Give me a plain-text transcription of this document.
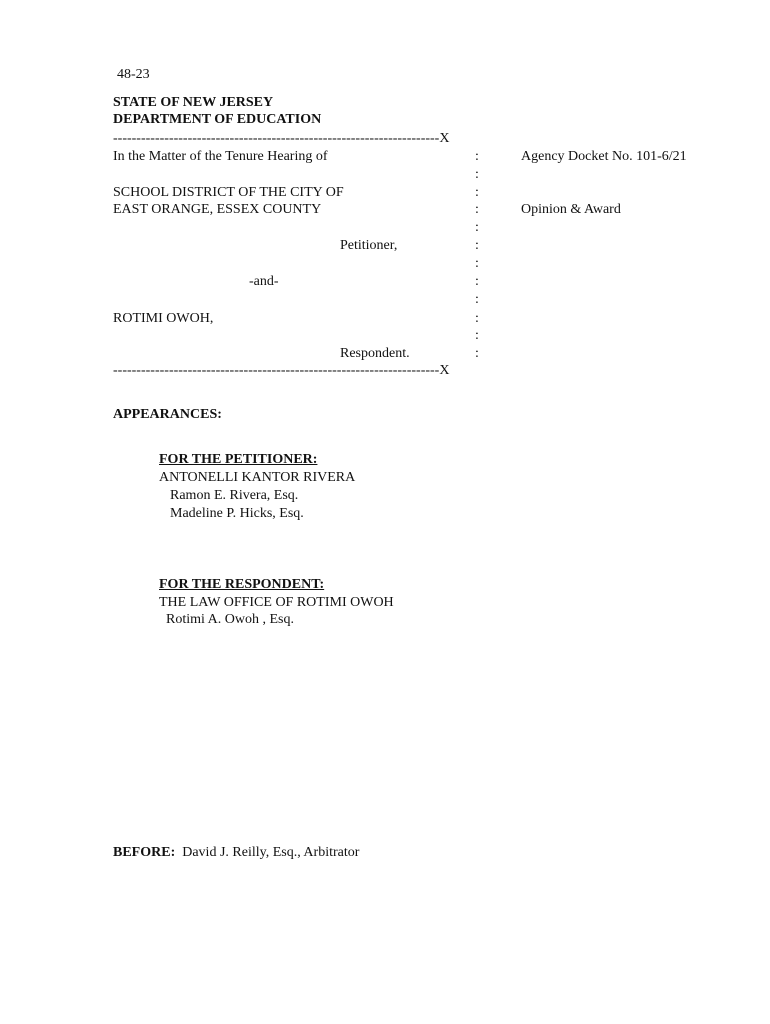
48-23
STATE OF NEW JERSEY
DEPARTMENT OF EDUCATION
----------------------------------------------------------------------X
In the Matter of the Tenure Hearing of
SCHOOL DISTRICT OF THE CITY OF
EAST ORANGE, ESSEX COUNTY
Petitioner,
-and-
ROTIMI OWOH,
Respondent.
:
:
:
:
:
:
:
:
:
:
:
:
Agency Docket No. 101-6/21
Opinion & Award
----------------------------------------------------------------------X
APPEARANCES:
FOR THE PETITIONER:
ANTONELLI KANTOR RIVERA
Ramon E. Rivera, Esq.
Madeline P. Hicks, Esq.
FOR THE RESPONDENT:
THE LAW OFFICE OF ROTIMI OWOH
Rotimi A. Owoh , Esq.
BEFORE: David J. Reilly, Esq., Arbitrator
